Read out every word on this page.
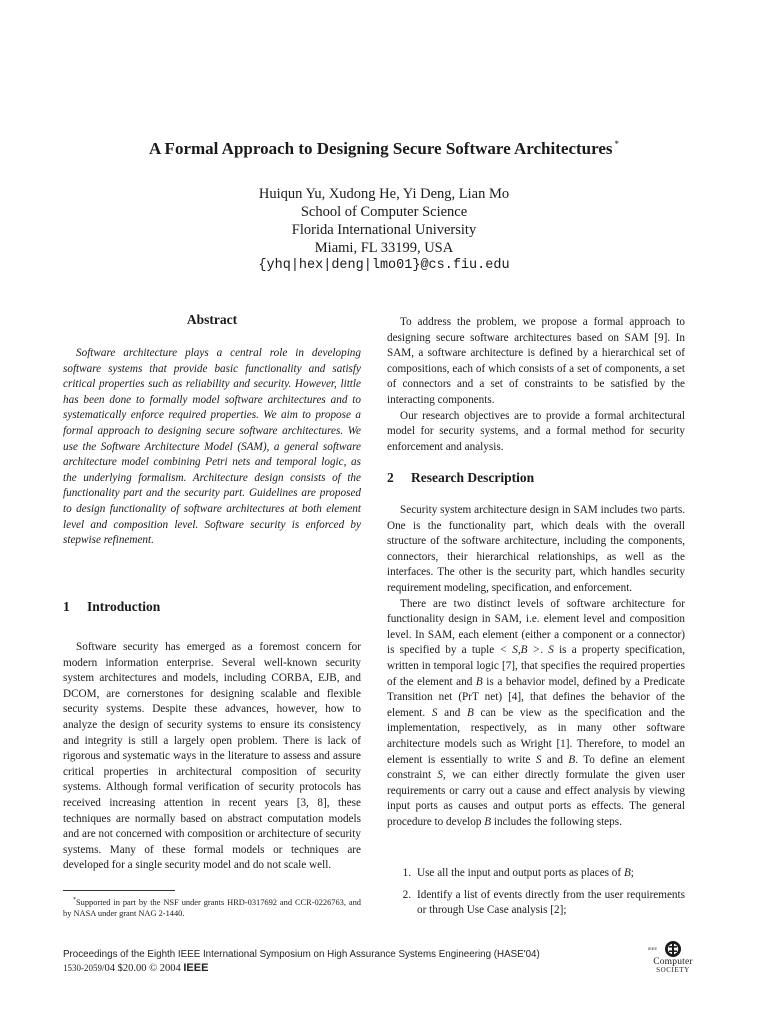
A Formal Approach to Designing Secure Software Architectures *
Huiqun Yu, Xudong He, Yi Deng, Lian Mo
School of Computer Science
Florida International University
Miami, FL 33199, USA
{yhq|hex|deng|lmo01}@cs.fiu.edu
Abstract

Software architecture plays a central role in developing software systems that provide basic functionality and satisfy critical properties such as reliability and security. However, little has been done to formally model software architectures and to systematically enforce required properties. We aim to propose a formal approach to designing secure software architectures. We use the Software Architecture Model (SAM), a general software architecture model combining Petri nets and temporal logic, as the underlying formalism. Architecture design consists of the functionality part and the security part. Guidelines are proposed to design functionality of software architectures at both element level and composition level. Software security is enforced by stepwise refinement.

1 Introduction

Software security has emerged as a foremost concern for modern information enterprise. Several well-known security system architectures and models, including CORBA, EJB, and DCOM, are cornerstones for designing scalable and flexible security systems. Despite these advances, however, how to analyze the design of security systems to ensure its consistency and integrity is still a largely open problem. There is lack of rigorous and systematic ways in the literature to assess and assure critical properties in architectural composition of security systems. Although formal verification of security protocols has received increasing attention in recent years [3, 8], these techniques are normally based on abstract computation models and are not concerned with composition or architecture of security systems. Many of these formal models or techniques are developed for a single security model and do not scale well.

*Supported in part by the NSF under grants HRD-0317692 and CCR-0226763, and by NASA under grant NAG 2-1440.

To address the problem, we propose a formal approach to designing secure software architectures based on SAM [9]. In SAM, a software architecture is defined by a hierarchical set of compositions, each of which consists of a set of components, a set of connectors and a set of constraints to be satisfied by the interacting components.

Our research objectives are to provide a formal architectural model for security systems, and a formal method for security enforcement and analysis.

2 Research Description

Security system architecture design in SAM includes two parts. One is the functionality part, which deals with the overall structure of the software architecture, including the components, connectors, their hierarchical relationships, as well as the interfaces. The other is the security part, which handles security requirement modeling, specification, and enforcement.

There are two distinct levels of software architecture for functionality design in SAM, i.e. element level and composition level. In SAM, each element (either a component or a connector) is specified by a tuple < S,B >. S is a property specification, written in temporal logic [7], that specifies the required properties of the element and B is a behavior model, defined by a Predicate Transition net (PrT net) [4], that defines the behavior of the element. S and B can be view as the specification and the implementation, respectively, as in many other software architecture models such as Wright [1]. Therefore, to model an element is essentially to write S and B. To define an element constraint S, we can either directly formulate the given user requirements or carry out a cause and effect analysis by viewing input ports as causes and output ports as effects. The general procedure to develop B includes the following steps.

1. Use all the input and output ports as places of B;
2. Identify a list of events directly from the user requirements or through Use Case analysis [2];
Proceedings of the Eighth IEEE International Symposium on High Assurance Systems Engineering (HASE'04)
1530-2059/04 $20.00 © 2004 IEEE
IEEE
Computer
SOCIETY
